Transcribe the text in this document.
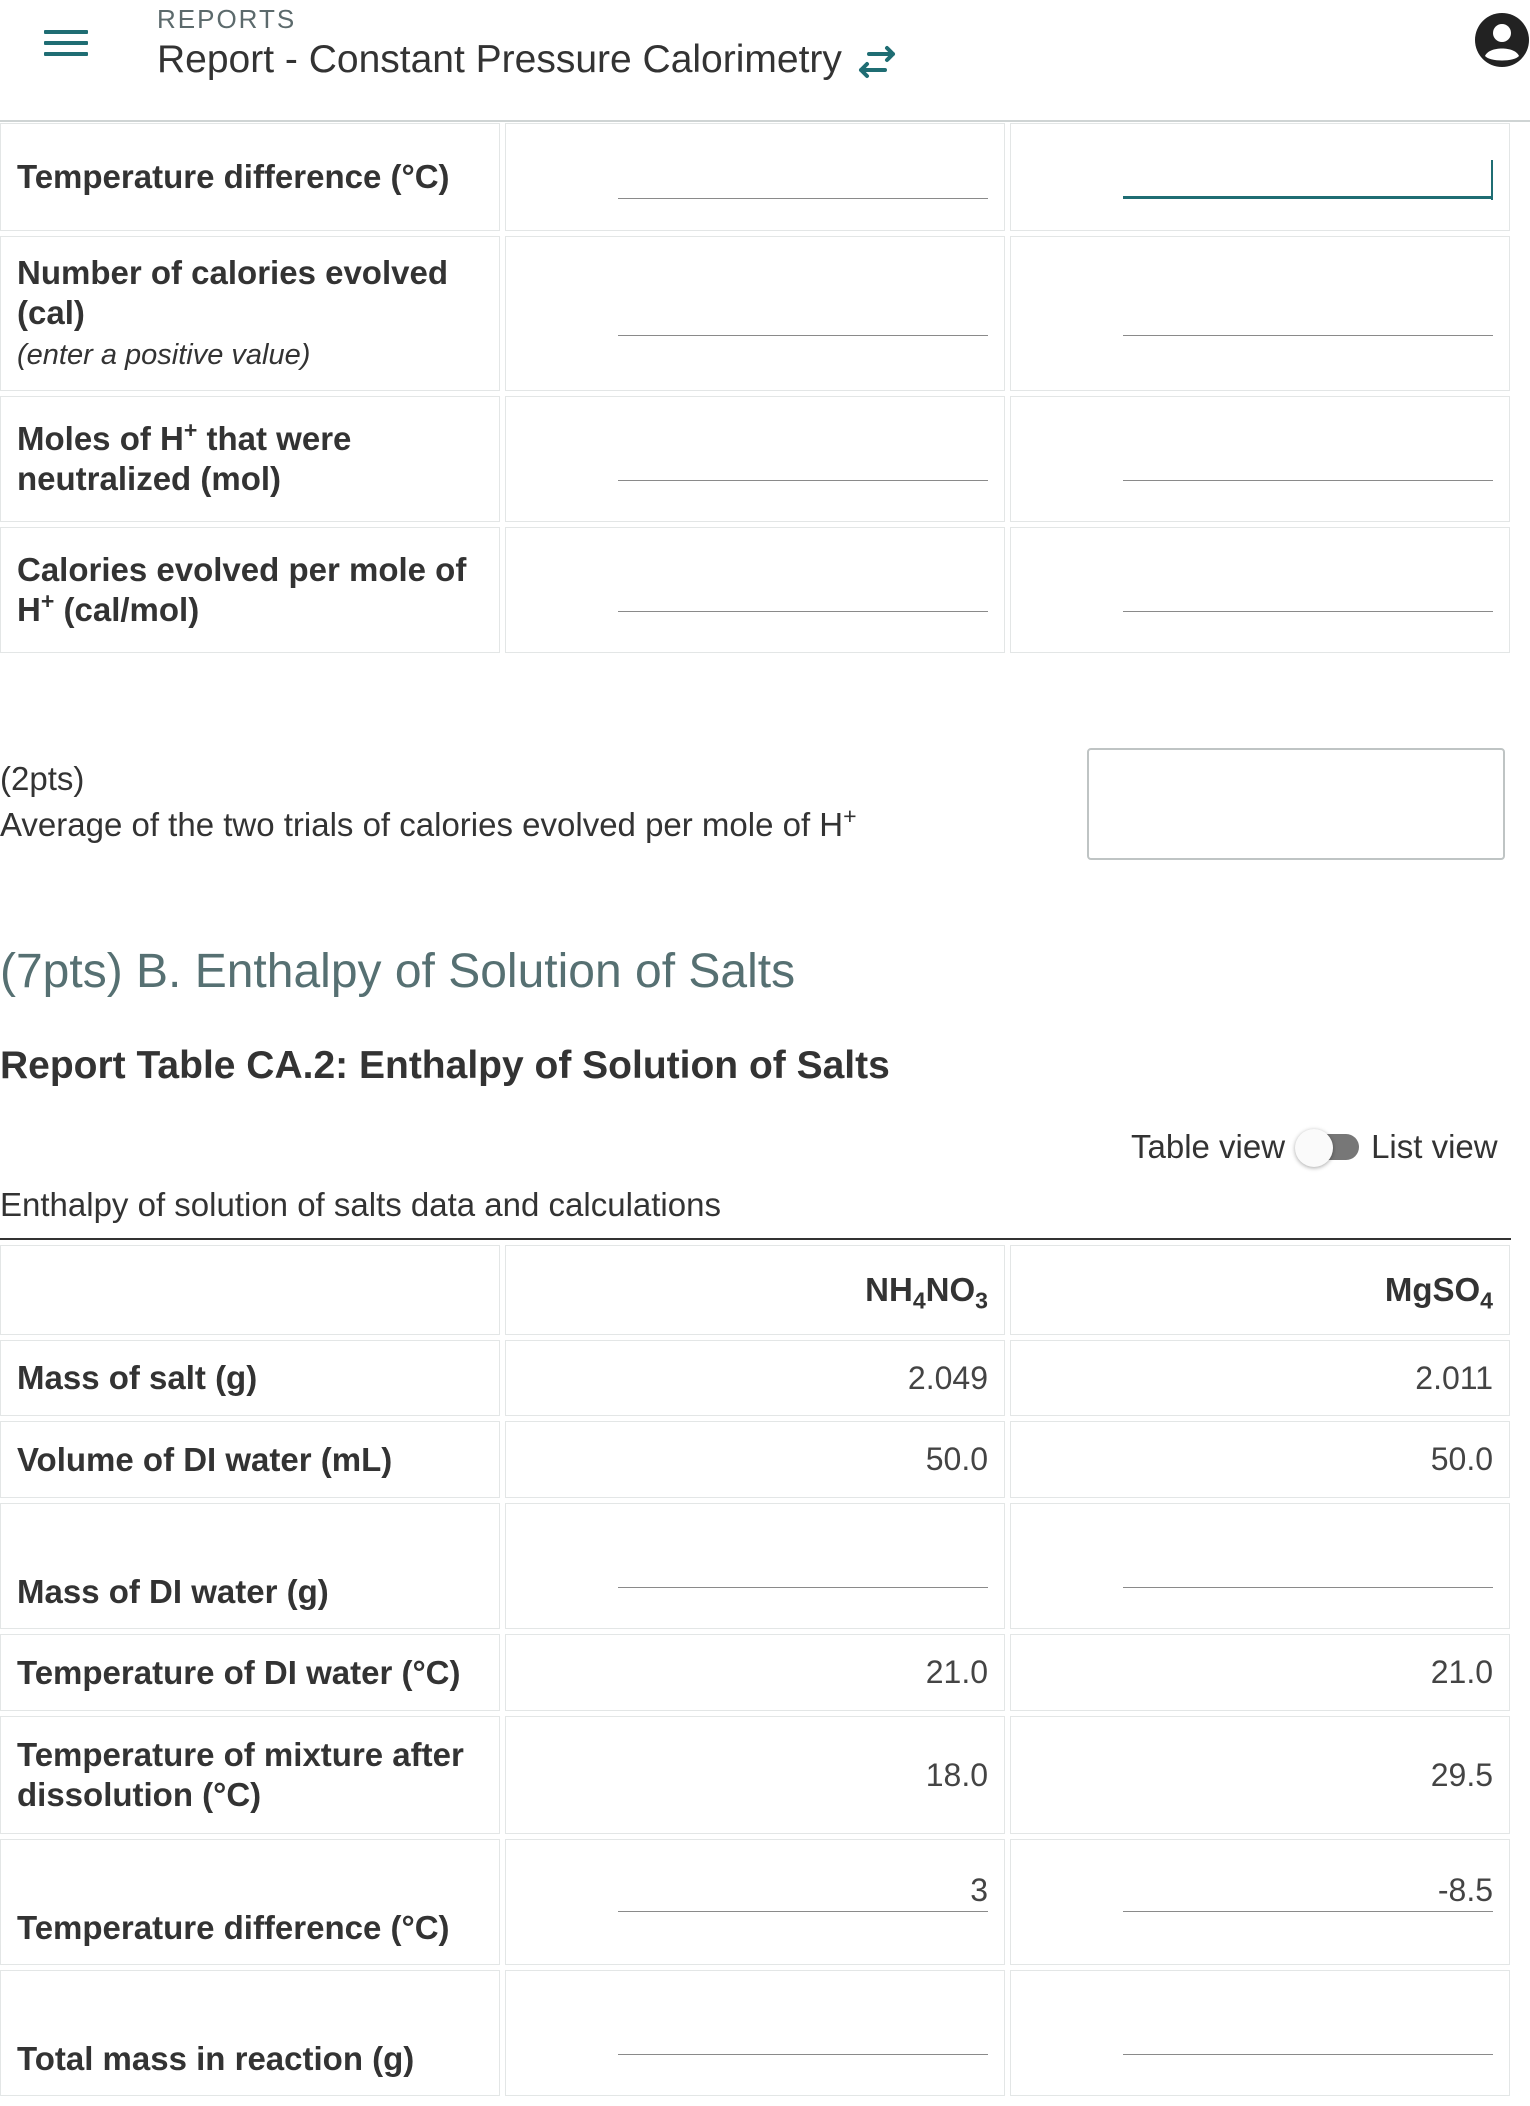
REPORTS
Report - Constant Pressure Calorimetry
Temperature difference (°C)	

Number of calories evolved (cal)
(enter a positive value)	

Moles of H+ that were neutralized (mol)	

Calories evolved per mole of H+ (cal/mol)	

(2pts)
Average of the two trials of calories evolved per mole of H+
(7pts) B. Enthalpy of Solution of Salts
Report Table CA.2: Enthalpy of Solution of Salts
Table view	List view
Enthalpy of solution of salts data and calculations
	$NH_4NO_3$	MgSO$_4$
Mass of salt (g)	2.049	2.011
Volume of DI water (mL)	50.0	50.0
Mass of DI water (g)	

Temperature of DI water (°C)	21.0	21.0
Temperature of mixture after dissolution (°C)	18.0	29.5
Temperature difference (°C)	3	-8.5

Total mass in reaction (g)	
